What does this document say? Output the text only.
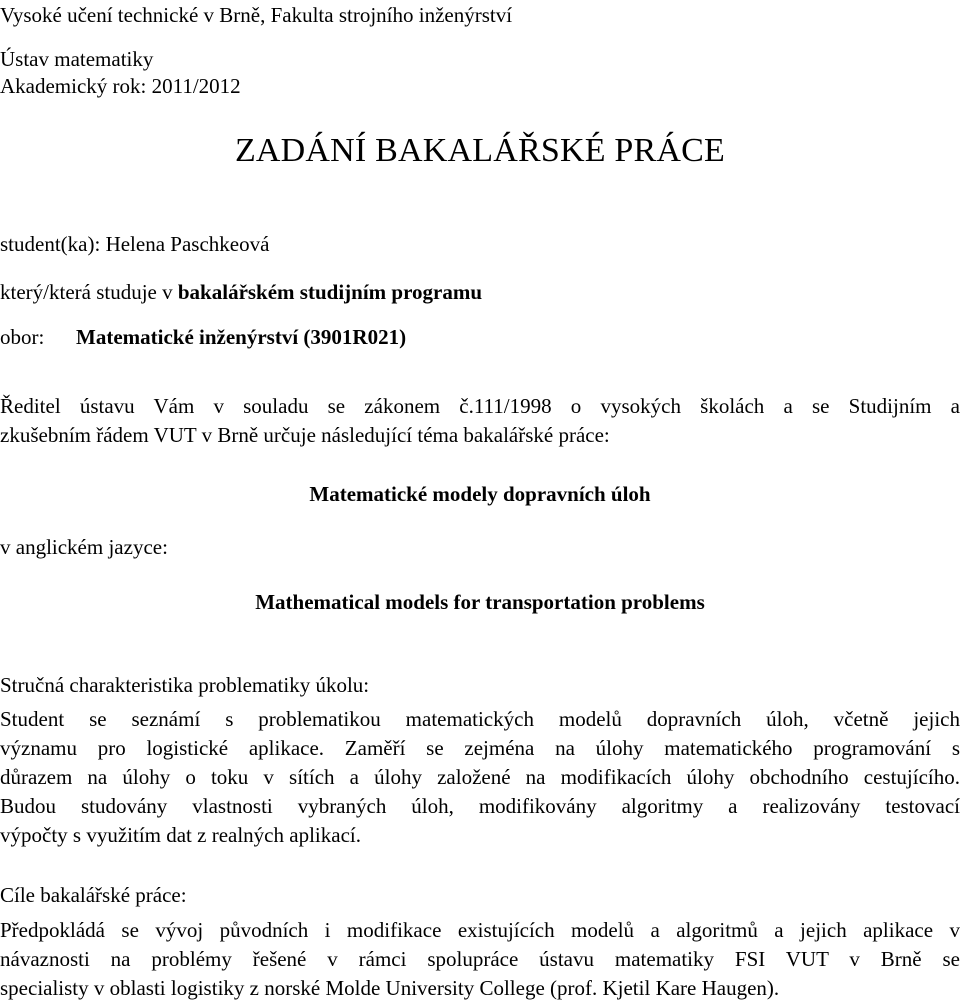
Vysoké učení technické v Brně, Fakulta strojního inženýrství
Ústav matematiky
Akademický rok: 2011/2012
ZADÁNÍ BAKALÁŘSKÉ PRÁCE
student(ka): Helena Paschkeová
který/která studuje v bakalářském studijním programu
obor: Matematické inženýrství (3901R021)
Ředitel ústavu Vám v souladu se zákonem č.111/1998 o vysokých školách a se Studijním a
zkušebním řádem VUT v Brně určuje následující téma bakalářské práce:
Matematické modely dopravních úloh
v anglickém jazyce:
Mathematical models for transportation problems
Stručná charakteristika problematiky úkolu:
Student se seznámí s problematikou matematických modelů dopravních úloh, včetně jejich
významu pro logistické aplikace. Zaměří se zejména na úlohy matematického programování s
důrazem na úlohy o toku v sítích a úlohy založené na modifikacích úlohy obchodního cestujícího.
Budou studovány vlastnosti vybraných úloh, modifikovány algoritmy a realizovány testovací
výpočty s využitím dat z realných aplikací.
Cíle bakalářské práce:
Předpokládá se vývoj původních i modifikace existujících modelů a algoritmů a jejich aplikace v
návaznosti na problémy řešené v rámci spolupráce ústavu matematiky FSI VUT v Brně se
specialisty v oblasti logistiky z norské Molde University College (prof. Kjetil Kare Haugen).
